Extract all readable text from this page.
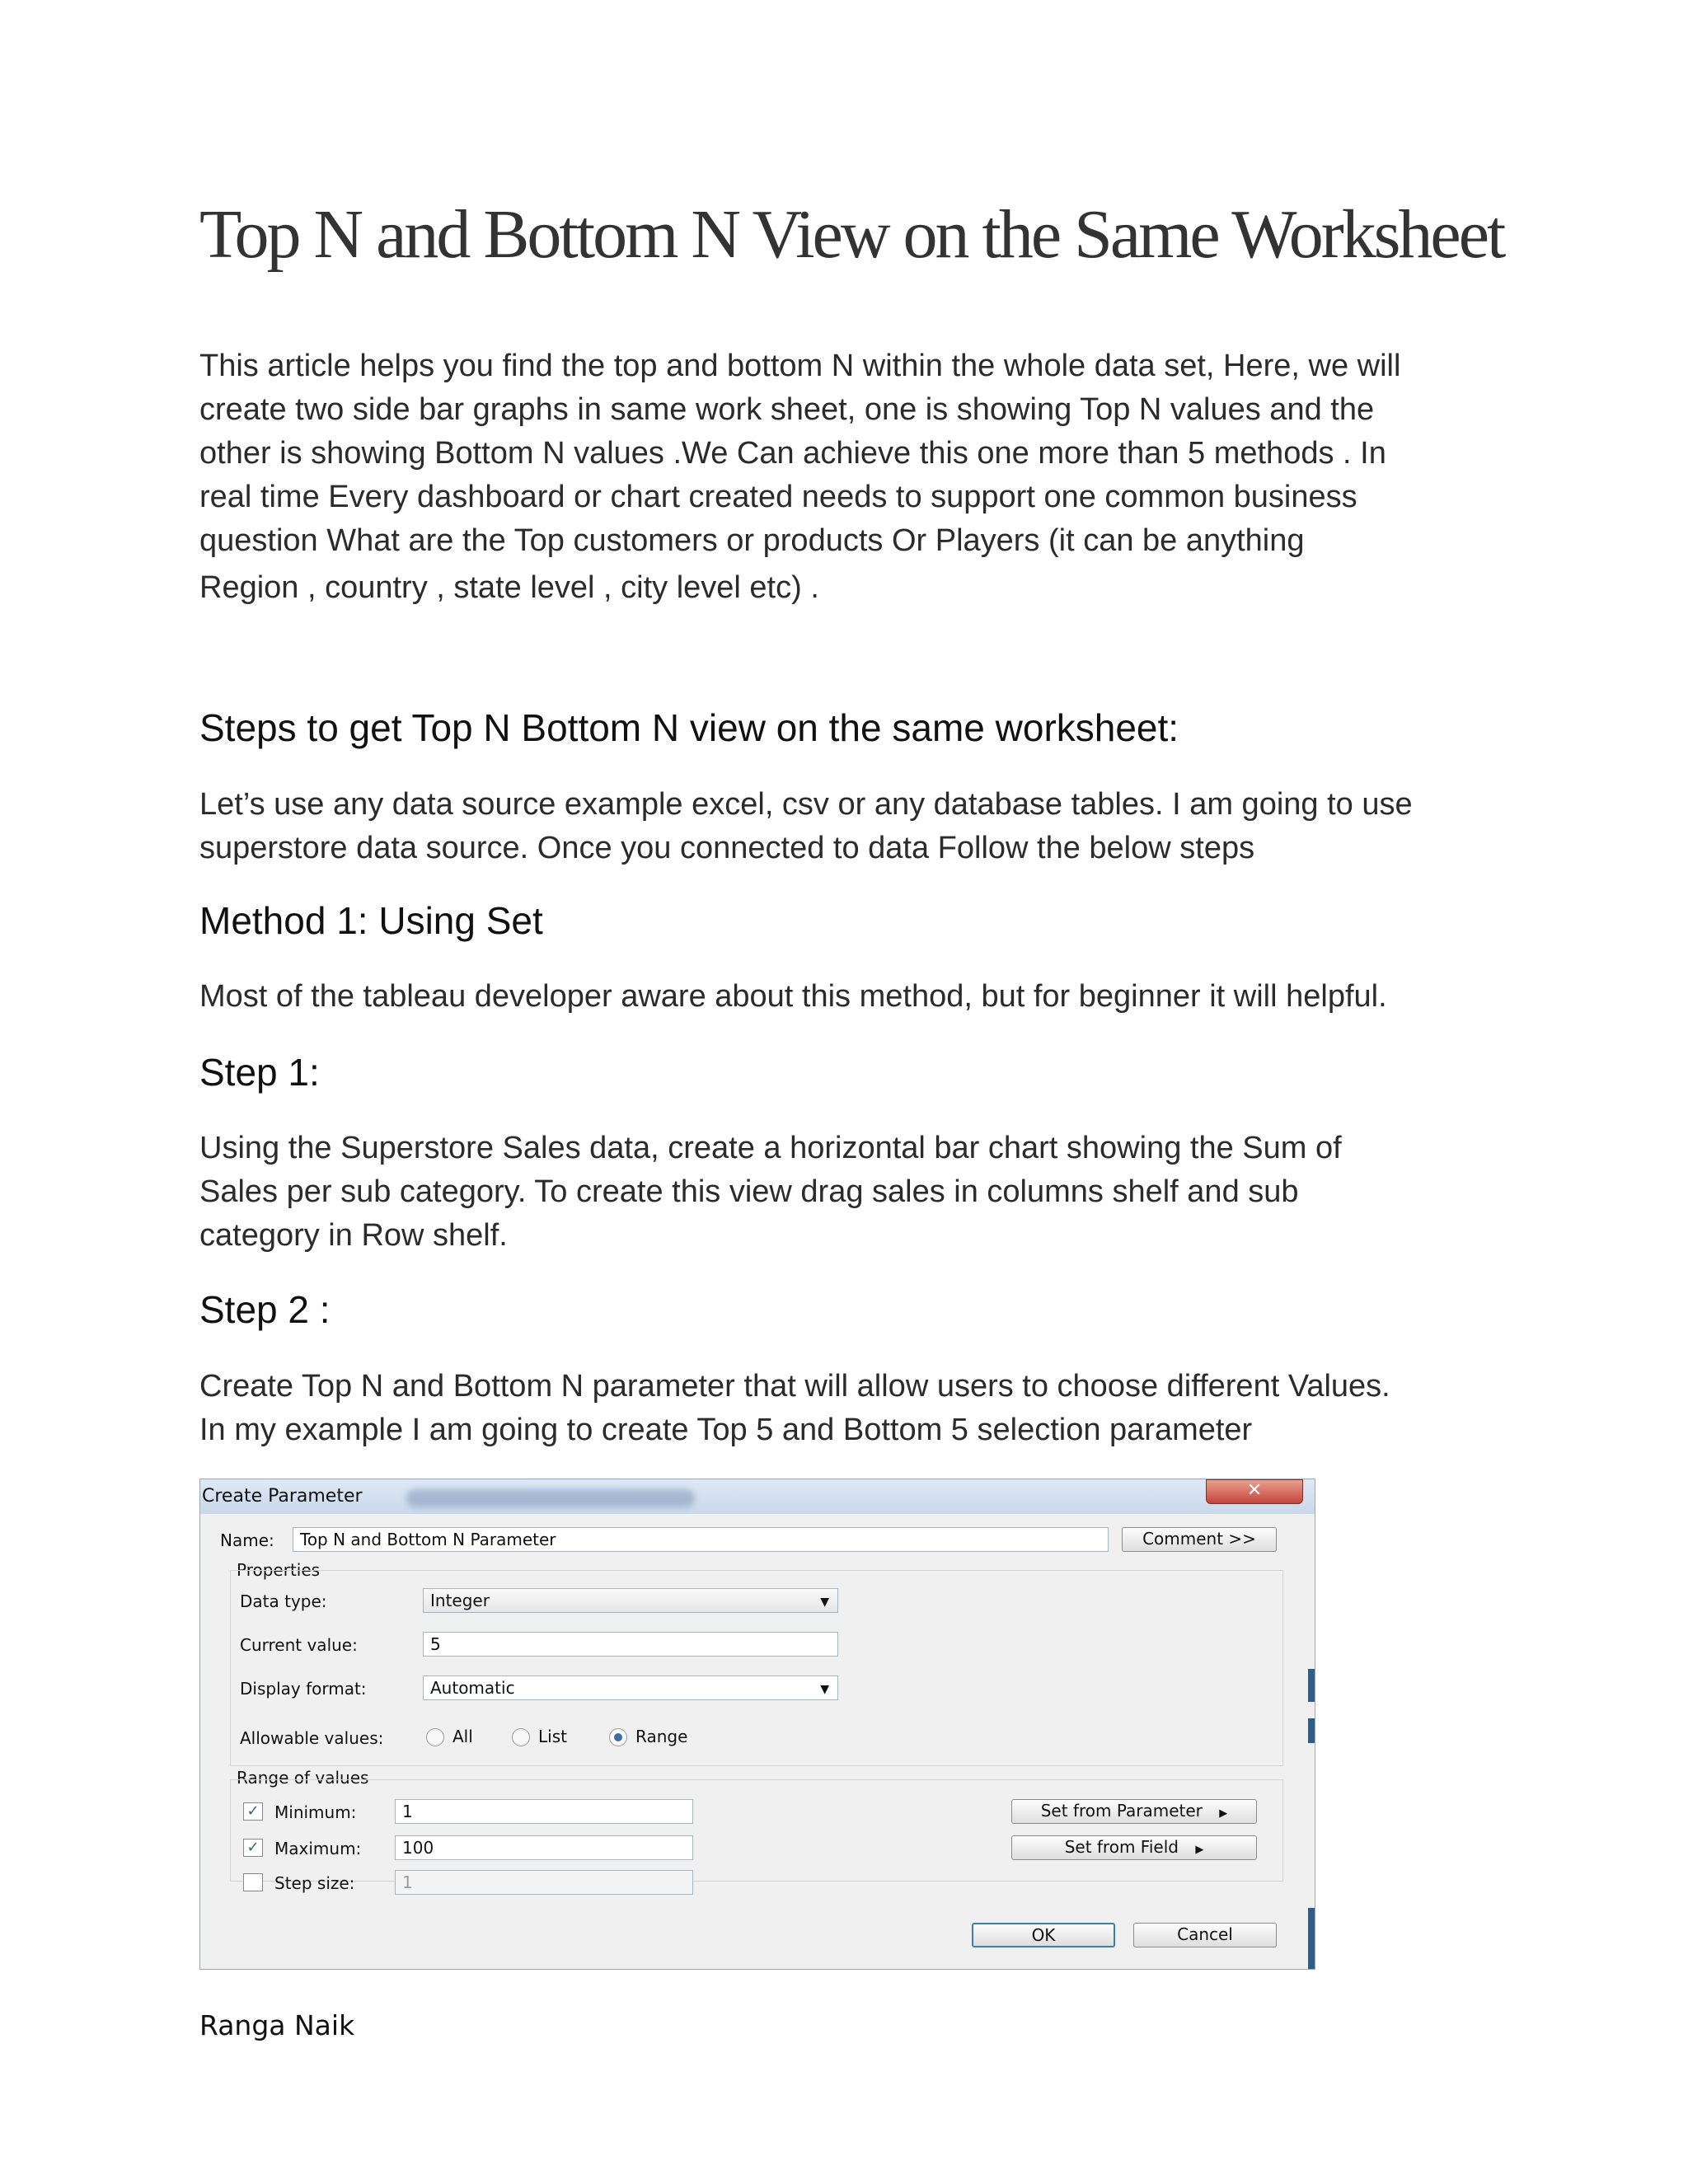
Top N and Bottom N View on the Same Worksheet
This article helps you find the top and bottom N within the whole data set, Here, we will
create two side bar graphs in same work sheet, one is showing Top N values and the
other is showing Bottom N values .We Can achieve this one more than 5 methods . In
real time Every dashboard or chart created needs to support one common business
question What are the Top customers or products Or Players (it can be anything
Region , country , state level , city level etc) .
Steps to get Top N Bottom N view on the same worksheet:
Let’s use any data source example excel, csv or any database tables. I am going to use
superstore data source. Once you connected to data Follow the below steps
Method 1: Using Set
Most of the tableau developer aware about this method, but for beginner it will helpful.
Step 1:
Using the Superstore Sales data, create a horizontal bar chart showing the Sum of
Sales per sub category. To create this view drag sales in columns shelf and sub
category in Row shelf.
Step 2 :
Create Top N and Bottom N parameter that will allow users to choose different Values.
In my example I am going to create Top 5 and Bottom 5 selection parameter
Create Parameter	✕
Name:	Top N and Bottom N Parameter	Comment >>
Properties
Data type:	Integer	▼
Current value:	5
Display format:	Automatic	▼
Allowable values:	All	List	Range
Range of values
✓ Minimum:	1
✓ Maximum:	100
Step size:	1
Set from Parameter ▶
Set from Field ▶
OK	Cancel
Ranga Naik
